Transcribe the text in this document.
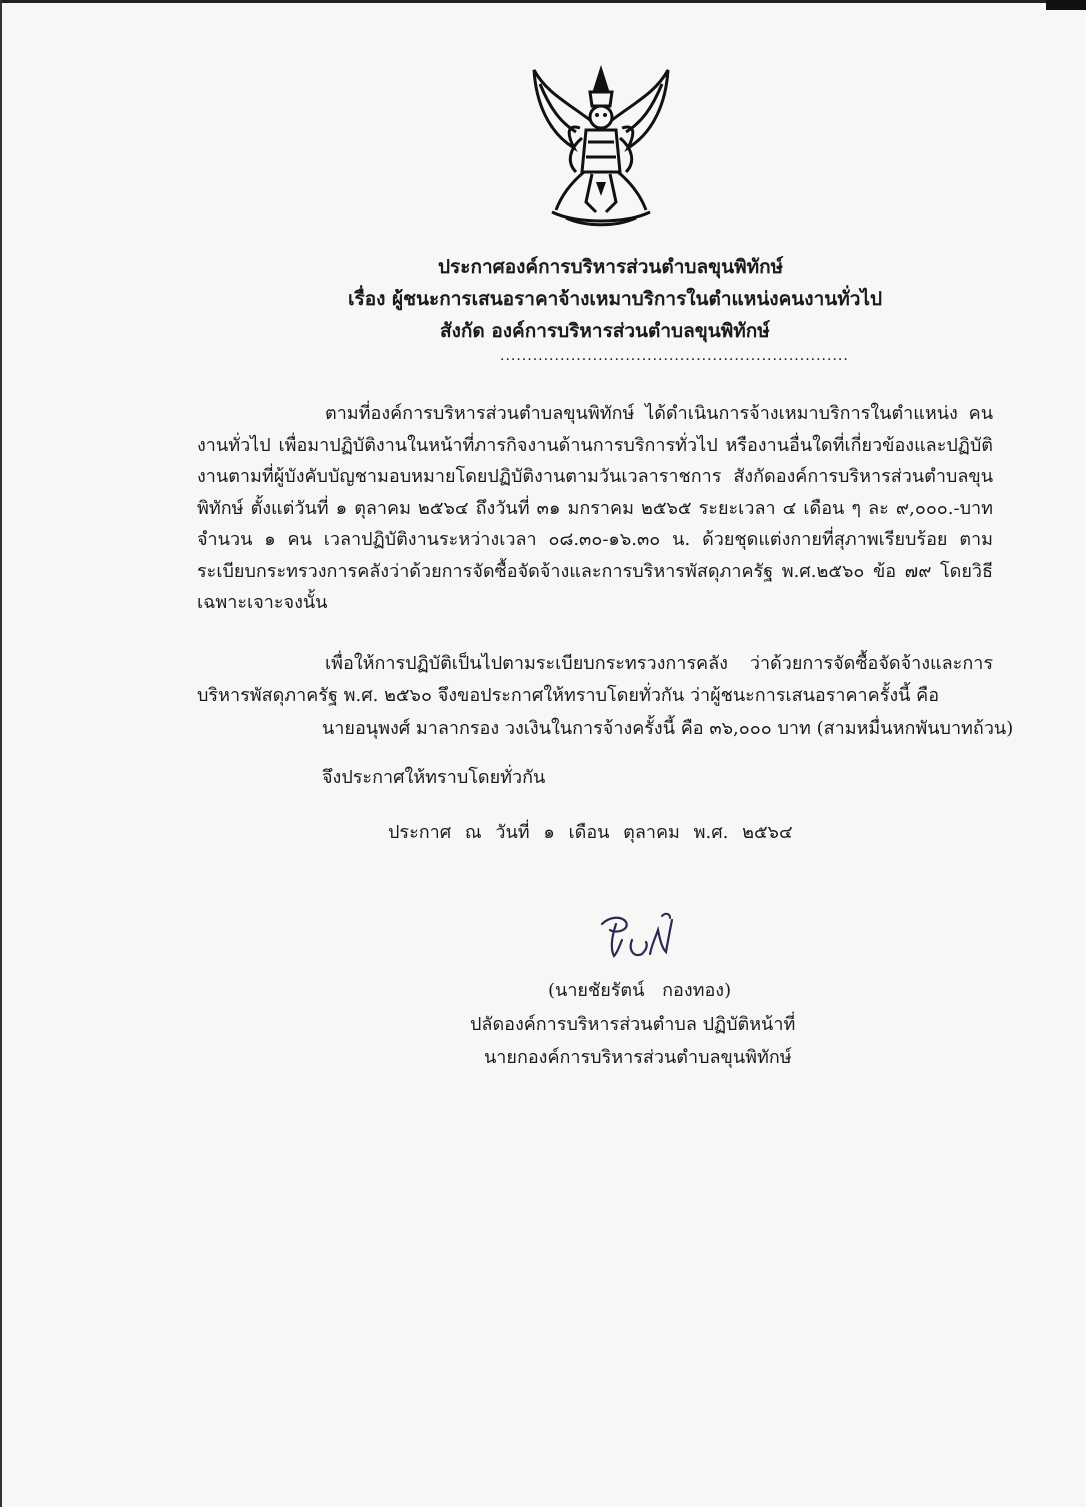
ประกาศองค์การบริหารส่วนตำบลขุนพิทักษ์
เรื่อง ผู้ชนะการเสนอราคาจ้างเหมาบริการในตำแหน่งคนงานทั่วไป
สังกัด องค์การบริหารส่วนตำบลขุนพิทักษ์
................................................................
ตามที่องค์การบริหารส่วนตำบลขุนพิทักษ์ ได้ดำเนินการจ้างเหมาบริการในตำแหน่ง คนงานทั่วไป เพื่อมาปฏิบัติงานในหน้าที่ภารกิจงานด้านการบริการทั่วไป หรืองานอื่นใดที่เกี่ยวข้องและปฏิบัติงานตามที่ผู้บังคับบัญชามอบหมายโดยปฏิบัติงานตามวันเวลาราชการ สังกัดองค์การบริหารส่วนตำบลขุนพิทักษ์ ตั้งแต่วันที่ ๑ ตุลาคม ๒๕๖๔ ถึงวันที่ ๓๑ มกราคม ๒๕๖๕ ระยะเวลา ๔ เดือน ๆ ละ ๙,๐๐๐.-บาท จำนวน ๑ คน เวลาปฏิบัติงานระหว่างเวลา ๐๘.๓๐-๑๖.๓๐ น. ด้วยชุดแต่งกายที่สุภาพเรียบร้อย ตามระเบียบกระทรวงการคลังว่าด้วยการจัดซื้อจัดจ้างและการบริหารพัสดุภาครัฐ พ.ศ.๒๕๖๐ ข้อ ๗๙ โดยวิธีเฉพาะเจาะจงนั้น
เพื่อให้การปฏิบัติเป็นไปตามระเบียบกระทรวงการคลัง ว่าด้วยการจัดซื้อจัดจ้างและการบริหารพัสดุภาครัฐ พ.ศ. ๒๕๖๐ จึงขอประกาศให้ทราบโดยทั่วกัน ว่าผู้ชนะการเสนอราคาครั้งนี้ คือ
นายอนุพงศ์ มาลากรอง วงเงินในการจ้างครั้งนี้ คือ ๓๖,๐๐๐ บาท (สามหมื่นหกพันบาทถ้วน)
จึงประกาศให้ทราบโดยทั่วกัน
ประกาศ ณ วันที่ ๑ เดือน ตุลาคม พ.ศ. ๒๕๖๔
(นายชัยรัตน์ กองทอง)
ปลัดองค์การบริหารส่วนตำบล ปฏิบัติหน้าที่
นายกองค์การบริหารส่วนตำบลขุนพิทักษ์
